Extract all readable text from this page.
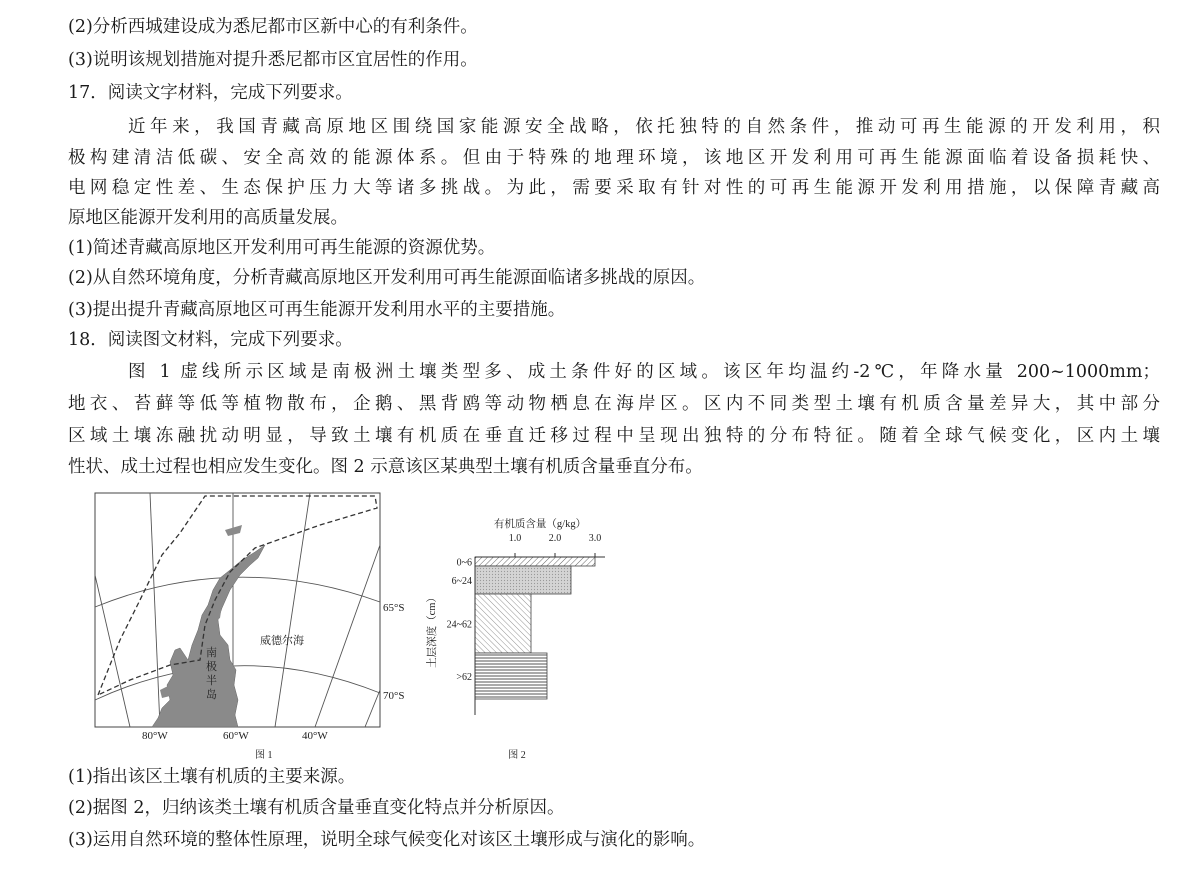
(2)分析西城建设成为悉尼都市区新中心的有利条件。
(3)说明该规划措施对提升悉尼都市区宜居性的作用。
17．阅读文字材料，完成下列要求。
近年来，我国青藏高原地区围绕国家能源安全战略，依托独特的自然条件，推动可再生能源的开发利用，积
极构建清洁低碳、安全高效的能源体系。但由于特殊的地理环境，该地区开发利用可再生能源面临着设备损耗快、
电网稳定性差、生态保护压力大等诸多挑战。为此，需要采取有针对性的可再生能源开发利用措施，以保障青藏高
原地区能源开发利用的高质量发展。
(1)简述青藏高原地区开发利用可再生能源的资源优势。
(2)从自然环境角度，分析青藏高原地区开发利用可再生能源面临诸多挑战的原因。
(3)提出提升青藏高原地区可再生能源开发利用水平的主要措施。
18．阅读图文材料，完成下列要求。
图 1 虚线所示区域是南极洲土壤类型多、成土条件好的区域。该区年均温约-2℃，年降水量 200~1000mm；
地衣、苔藓等低等植物散布，企鹅、黑背鸥等动物栖息在海岸区。区内不同类型土壤有机质含量差异大，其中部分
区域土壤冻融扰动明显，导致土壤有机质在垂直迁移过程中呈现出独特的分布特征。随着全球气候变化，区内土壤
性状、成土过程也相应发生变化。图 2 示意该区某典型土壤有机质含量垂直分布。
65°S
70°S
80°W	60°W	40°W
威德尔海
南
极
半
岛
图 1
有机质含量（g/kg）
1.0	2.0	3.0
0~6
6~24
24~62
>62
土层深度（cm）
图 2
(1)指出该区土壤有机质的主要来源。
(2)据图 2，归纳该类土壤有机质含量垂直变化特点并分析原因。
(3)运用自然环境的整体性原理，说明全球气候变化对该区土壤形成与演化的影响。
